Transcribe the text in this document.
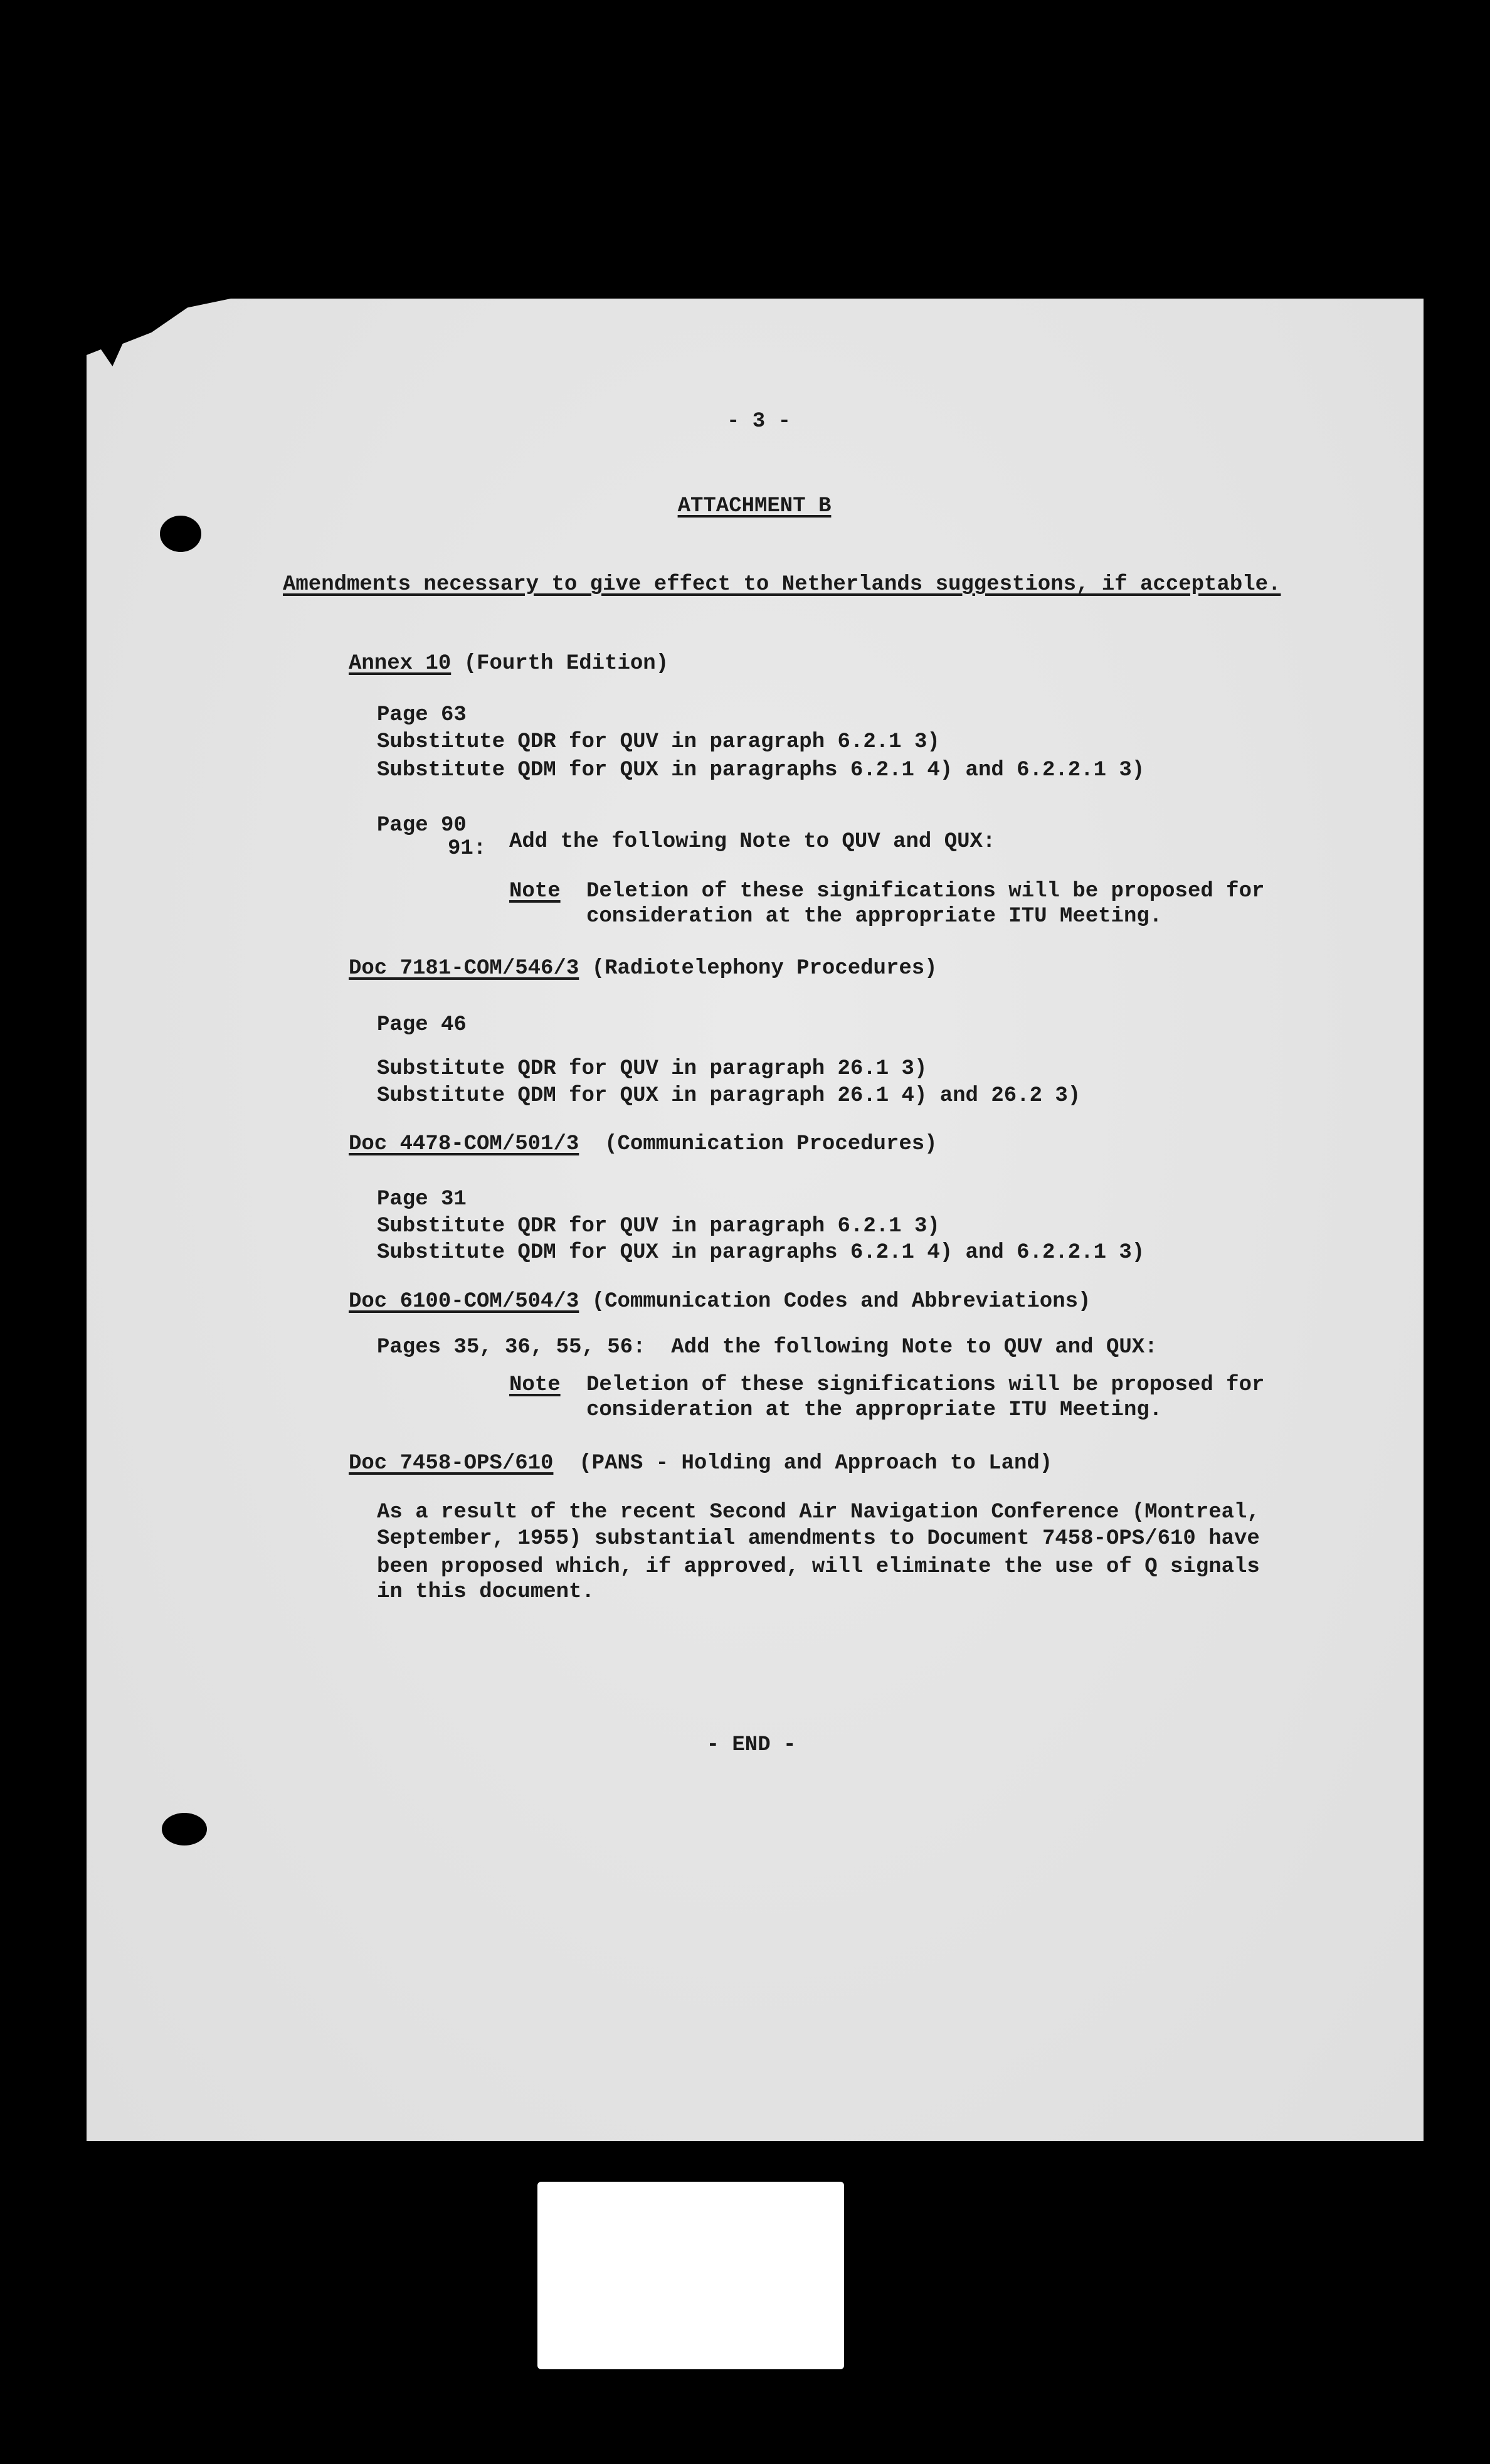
- 3 -
ATTACHMENT B
Amendments necessary to give effect to Netherlands suggestions, if acceptable.
Annex 10 (Fourth Edition)
Page 63
Substitute QDR for QUV in paragraph 6.2.1 3)
Substitute QDM for QUX in paragraphs 6.2.1 4) and 6.2.2.1 3)
Page 90
91: Add the following Note to QUV and QUX:
Note Deletion of these significations will be proposed for
consideration at the appropriate ITU Meeting.
Doc 7181-COM/546/3 (Radiotelephony Procedures)
Page 46
Substitute QDR for QUV in paragraph 26.1 3)
Substitute QDM for QUX in paragraph 26.1 4) and 26.2 3)
Doc 4478-COM/501/3  (Communication Procedures)
Page 31
Substitute QDR for QUV in paragraph 6.2.1 3)
Substitute QDM for QUX in paragraphs 6.2.1 4) and 6.2.2.1 3)
Doc 6100-COM/504/3 (Communication Codes and Abbreviations)
Pages 35, 36, 55, 56:  Add the following Note to QUV and QUX:
Note Deletion of these significations will be proposed for
consideration at the appropriate ITU Meeting.
Doc 7458-OPS/610  (PANS - Holding and Approach to Land)
As a result of the recent Second Air Navigation Conference (Montreal,
September, 1955) substantial amendments to Document 7458-OPS/610 have
been proposed which, if approved, will eliminate the use of Q signals
in this document.
- END -
